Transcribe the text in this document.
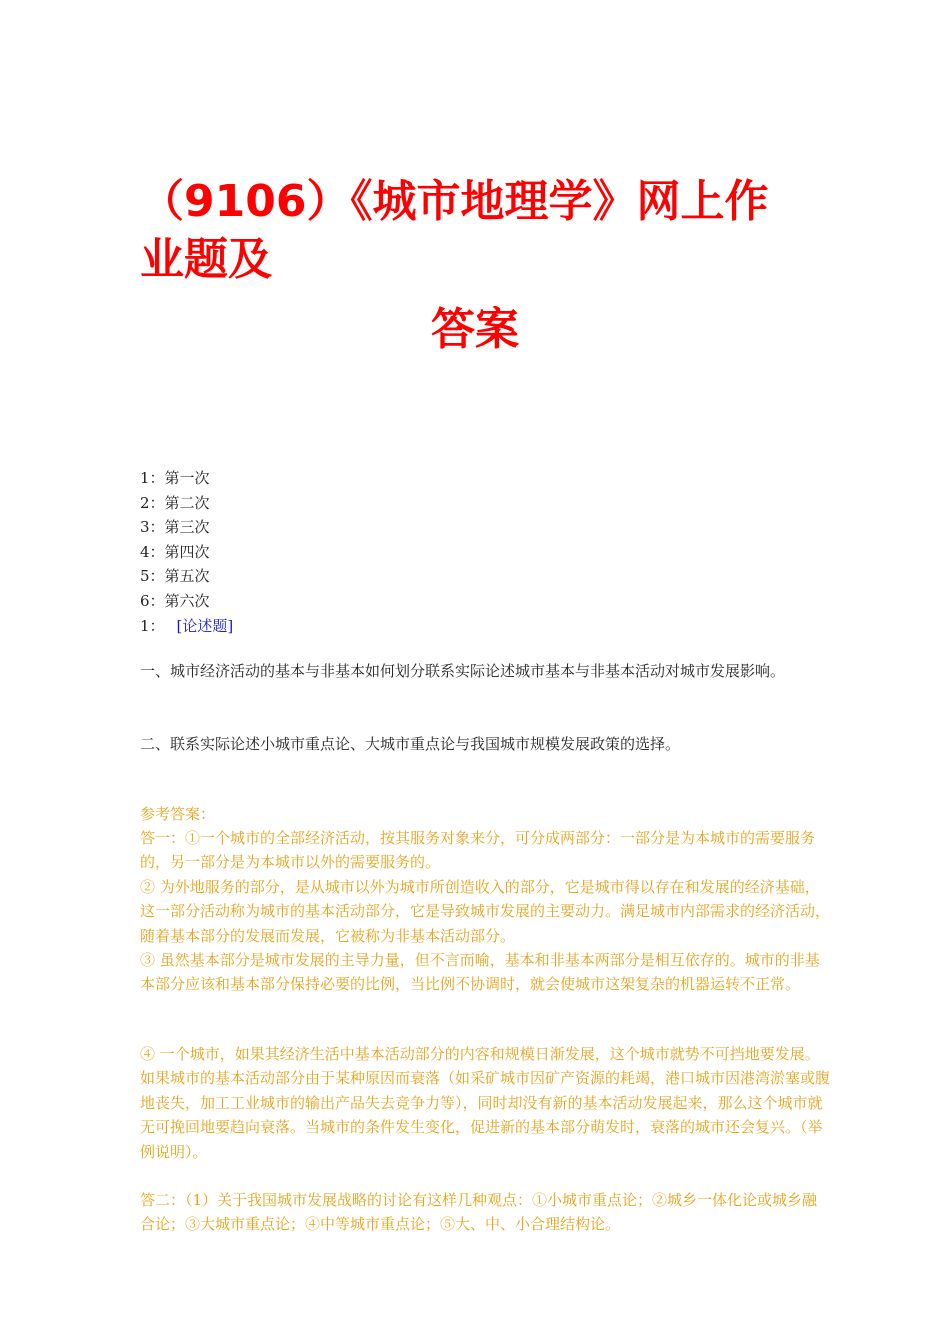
（9106）《城市地理学》网上作
业题及
答案
1：第一次
2：第二次
3：第三次
4：第四次
5：第五次
6：第六次
1： [论述题]

一、城市经济活动的基本与非基本如何划分联系实际论述城市基本与非基本活动对城市发展影响。

二、联系实际论述小城市重点论、大城市重点论与我国城市规模发展政策的选择。

参考答案：

答一：①一个城市的全部经济活动，按其服务对象来分，可分成两部分：一部分是为本城市的需要服务的，另一部分是为本城市以外的需要服务的。

② 为外地服务的部分，是从城市以外为城市所创造收入的部分，它是城市得以存在和发展的经济基础，这一部分活动称为城市的基本活动部分，它是导致城市发展的主要动力。满足城市内部需求的经济活动，随着基本部分的发展而发展，它被称为非基本活动部分。

③ 虽然基本部分是城市发展的主导力量，但不言而喻，基本和非基本两部分是相互依存的。城市的非基本部分应该和基本部分保持必要的比例，当比例不协调时，就会使城市这架复杂的机器运转不正常。

④ 一个城市，如果其经济生活中基本活动部分的内容和规模日渐发展，这个城市就势不可挡地要发展。如果城市的基本活动部分由于某种原因而衰落（如采矿城市因矿产资源的耗竭，港口城市因港湾淤塞或腹地丧失，加工工业城市的输出产品失去竞争力等），同时却没有新的基本活动发展起来，那么这个城市就无可挽回地要趋向衰落。当城市的条件发生变化，促进新的基本部分萌发时，衰落的城市还会复兴。（举例说明）。

答二：（1）关于我国城市发展战略的讨论有这样几种观点：①小城市重点论；②城乡一体化论或城乡融合论；③大城市重点论；④中等城市重点论；⑤大、中、小合理结构论。
